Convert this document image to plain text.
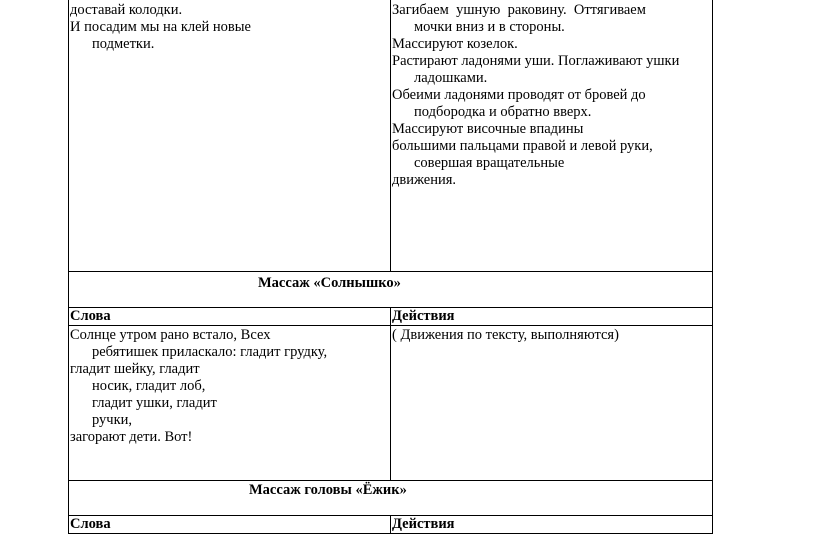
доставай колодки.
И посадим мы на клей новые
подметки.
Загибаем  ушную  раковину.  Оттягиваем
мочки вниз и в стороны.
Массируют козелок.
Растирают ладонями уши. Поглаживают ушки
ладошками.
Обеими ладонями проводят от бровей до
подбородка и обратно вверх.
Массируют височные впадины
большими пальцами правой и левой руки,
совершая вращательные
движения.
Массаж «Солнышко»
Слова	Действия
Солнце утром рано встало, Всех
ребятишек приласкало: гладит грудку,
гладит шейку, гладит
носик, гладит лоб,
гладит ушки, гладит
ручки,
загорают дети. Вот!
( Движения по тексту, выполняются)
Массаж головы «Ёжик»
Слова	Действия
